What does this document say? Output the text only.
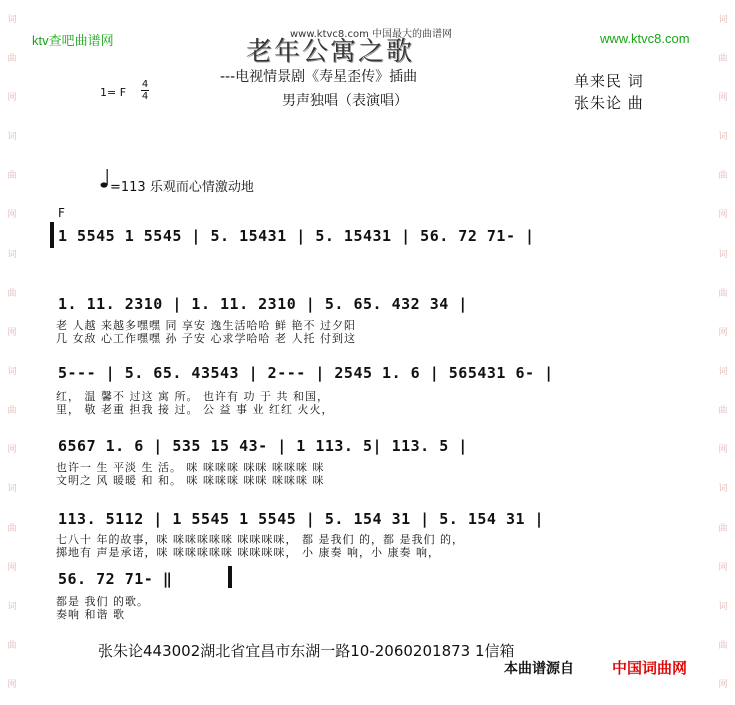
词
曲
网
词
曲
网
词
曲
网
词
曲
网
词
曲
网
词
曲
网
词
曲
网
词
曲
网
词
曲
网
词
曲
网
词
曲
网
词
曲
网
ktv查吧曲谱网	www.ktvc8.com
www.ktvc8.com 中国最大的曲谱网
老年公寓之歌
---电视情景剧《寿星歪传》插曲
男声独唱（表演唱）
1= F
4
4
单来民 词
张朱论 曲
=113 乐观而心情激动地
F
1 5545 1 5545 | 5. 15431 | 5. 15431 | 56. 72 71- |
1. 11. 2310 | 1. 11. 2310 | 5. 65. 432 34 |
老 人越 来越多嘿嘿 同 享安 逸生活哈哈 鲜 艳不 过夕阳
几 女敌 心工作嘿嘿 孙 子安 心求学哈哈 老 人托 付到这
5--- | 5. 65. 43543 | 2--- | 2545 1. 6 | 565431 6- |
红， 温 馨不 过这 寓 所。 也许有 功 于 共 和国，
里， 敬 老重 担我 接 过。 公 益 事 业 红红 火火，
6567 1. 6 | 535 15 43- | 1 113. 5| 113. 5 |
也许一 生 平淡 生 活。 咪 咪咪咪 咪咪 咪咪咪 咪
文明之 风 暖暖 和 和。 咪 咪咪咪 咪咪 咪咪咪 咪
113. 5112 | 1 5545 1 5545 | 5. 154 31 | 5. 154 31 |
七八十 年的故事，咪 咪咪咪咪咪 咪咪咪咪， 都 是我们 的，都 是我们 的，
掷地有 声是承诺，咪 咪咪咪咪咪 咪咪咪咪， 小 康奏 响，小 康奏 响，
56. 72 71- ‖
都是 我们 的歌。
奏响 和谐 歌
张朱论443002湖北省宜昌市东湖一路10-2060201873 1信箱
本曲谱源自	中国词曲网
